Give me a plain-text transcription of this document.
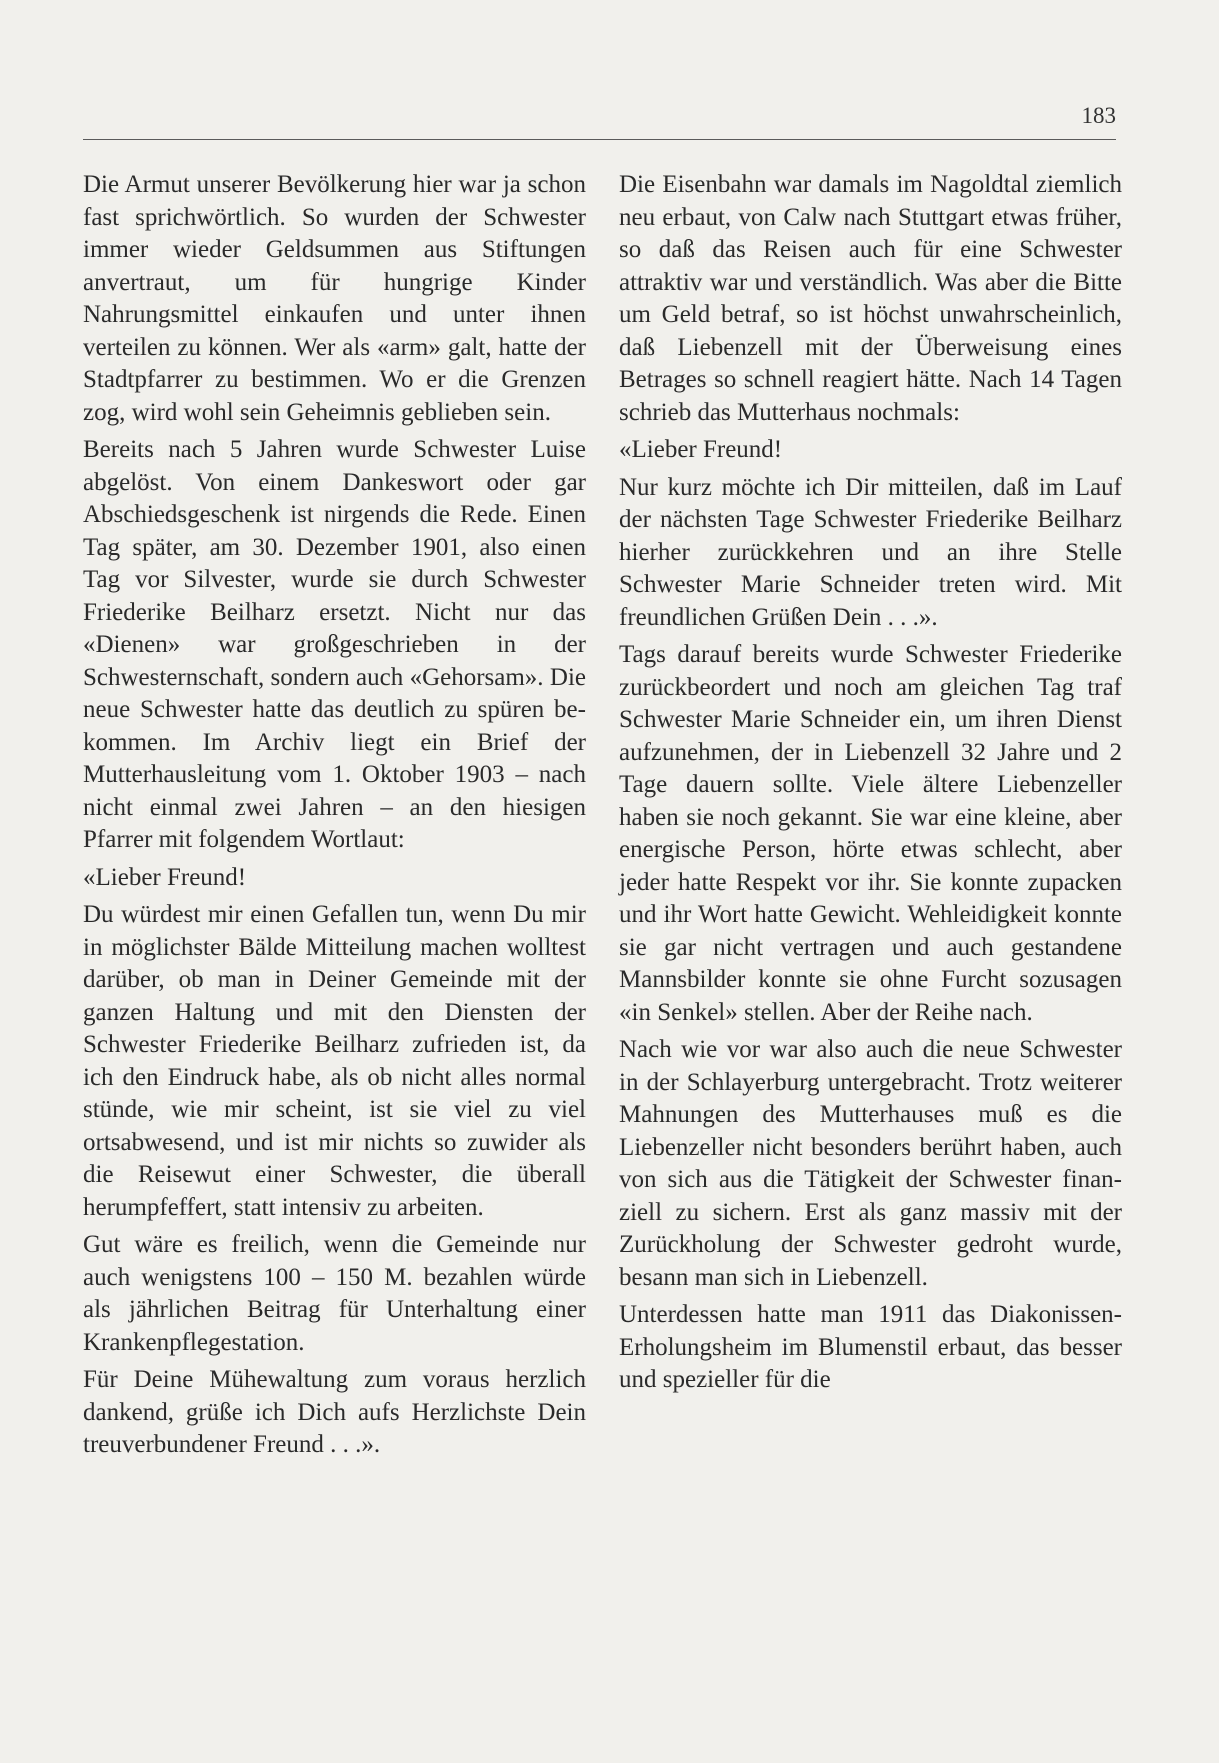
183

Die Armut unserer Bevölkerung hier war ja schon fast sprichwörtlich. So wurden der Schwester immer wieder Geldsummen aus Stiftungen anvertraut, um für hungrige Kinder Nahrungsmittel einkaufen und unter ihnen verteilen zu können. Wer als «arm» galt, hatte der Stadtpfarrer zu bestimmen. Wo er die Grenzen zog, wird wohl sein Geheimnis geblieben sein.

Bereits nach 5 Jahren wurde Schwester Luise abgelöst. Von einem Dankeswort oder gar Abschiedsgeschenk ist nirgends die Rede. Einen Tag später, am 30. Dezember 1901, also einen Tag vor Silvester, wurde sie durch Schwester Friederike Beilharz ersetzt. Nicht nur das «Dienen» war großgeschrieben in der Schwesternschaft, sondern auch «Gehorsam». Die neue Schwester hatte das deutlich zu spüren bekommen. Im Archiv liegt ein Brief der Mutterhausleitung vom 1. Oktober 1903 – nach nicht einmal zwei Jahren – an den hiesigen Pfarrer mit folgendem Wortlaut:

«Lieber Freund!

Du würdest mir einen Gefallen tun, wenn Du mir in möglichster Bälde Mitteilung machen wolltest darüber, ob man in Deiner Gemeinde mit der ganzen Haltung und mit den Diensten der Schwester Friederike Beilharz zufrieden ist, da ich den Eindruck habe, als ob nicht alles normal stünde, wie mir scheint, ist sie viel zu viel ortsabwesend, und ist mir nichts so zuwider als die Reisewut einer Schwester, die überall herumpfeffert, statt intensiv zu arbeiten.

Gut wäre es freilich, wenn die Gemeinde nur auch wenigstens 100 – 150 M. bezahlen würde als jährlichen Beitrag für Unterhaltung einer Krankenpflegestation.

Für Deine Mühewaltung zum voraus herzlich dankend, grüße ich Dich aufs Herzlichste Dein treuverbundener Freund . . .».

Die Eisenbahn war damals im Nagoldtal ziemlich neu erbaut, von Calw nach Stuttgart etwas früher, so daß das Reisen auch für eine Schwester attraktiv war und verständlich. Was aber die Bitte um Geld betraf, so ist höchst unwahrscheinlich, daß Liebenzell mit der Überweisung eines Betrages so schnell reagiert hätte. Nach 14 Tagen schrieb das Mutterhaus nochmals:

«Lieber Freund!

Nur kurz möchte ich Dir mitteilen, daß im Lauf der nächsten Tage Schwester Friederike Beilharz hierher zurückkehren und an ihre Stelle Schwester Marie Schneider treten wird. Mit freundlichen Grüßen Dein . . .».

Tags darauf bereits wurde Schwester Friederike zurückbeordert und noch am gleichen Tag traf Schwester Marie Schneider ein, um ihren Dienst aufzunehmen, der in Liebenzell 32 Jahre und 2 Tage dauern sollte. Viele ältere Liebenzeller haben sie noch gekannt. Sie war eine kleine, aber energische Person, hörte etwas schlecht, aber jeder hatte Respekt vor ihr. Sie konnte zupacken und ihr Wort hatte Gewicht. Wehleidigkeit konnte sie gar nicht vertragen und auch gestandene Mannsbilder konnte sie ohne Furcht sozusagen «in Senkel» stellen. Aber der Reihe nach.

Nach wie vor war also auch die neue Schwester in der Schlayerburg untergebracht. Trotz weiterer Mahnungen des Mutterhauses muß es die Liebenzeller nicht besonders berührt haben, auch von sich aus die Tätigkeit der Schwester finanziell zu sichern. Erst als ganz massiv mit der Zurückholung der Schwester gedroht wurde, besann man sich in Liebenzell.

Unterdessen hatte man 1911 das Diakonissen-Erholungsheim im Blumenstil erbaut, das besser und spezieller für die
